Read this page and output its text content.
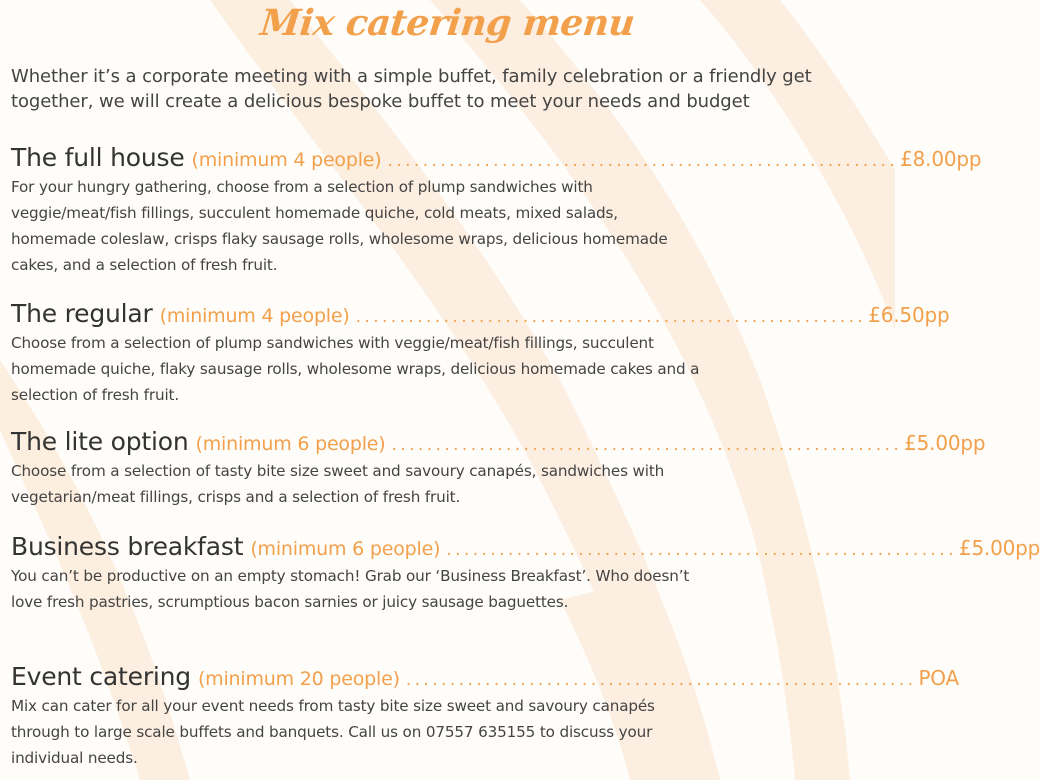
Mix catering menu
Whether it’s a corporate meeting with a simple buffet, family celebration or a friendly get together, we will create a delicious bespoke buffet to meet your needs and budget
The full house (minimum 4 people) .......................................................... £8.00pp
For your hungry gathering, choose from a selection of plump sandwiches with veggie/meat/fish fillings, succulent homemade quiche, cold meats, mixed salads, homemade coleslaw, crisps flaky sausage rolls, wholesome wraps, delicious homemade cakes, and a selection of fresh fruit.
The regular (minimum 4 people) .......................................................... £6.50pp
Choose from a selection of plump sandwiches with veggie/meat/fish fillings, succulent homemade quiche, flaky sausage rolls, wholesome wraps, delicious homemade cakes and a selection of fresh fruit.
The lite option (minimum 6 people) .......................................................... £5.00pp
Choose from a selection of tasty bite size sweet and savoury canapés, sandwiches with vegetarian/meat fillings, crisps and a selection of fresh fruit.
Business breakfast (minimum 6 people) .......................................................... £5.00pp
You can’t be productive on an empty stomach! Grab our ‘Business Breakfast’. Who doesn’t love fresh pastries, scrumptious bacon sarnies or juicy sausage baguettes.
Event catering (minimum 20 people) .......................................................... POA
Mix can cater for all your event needs from tasty bite size sweet and savoury canapés through to large scale buffets and banquets. Call us on 07557 635155 to discuss your individual needs.
